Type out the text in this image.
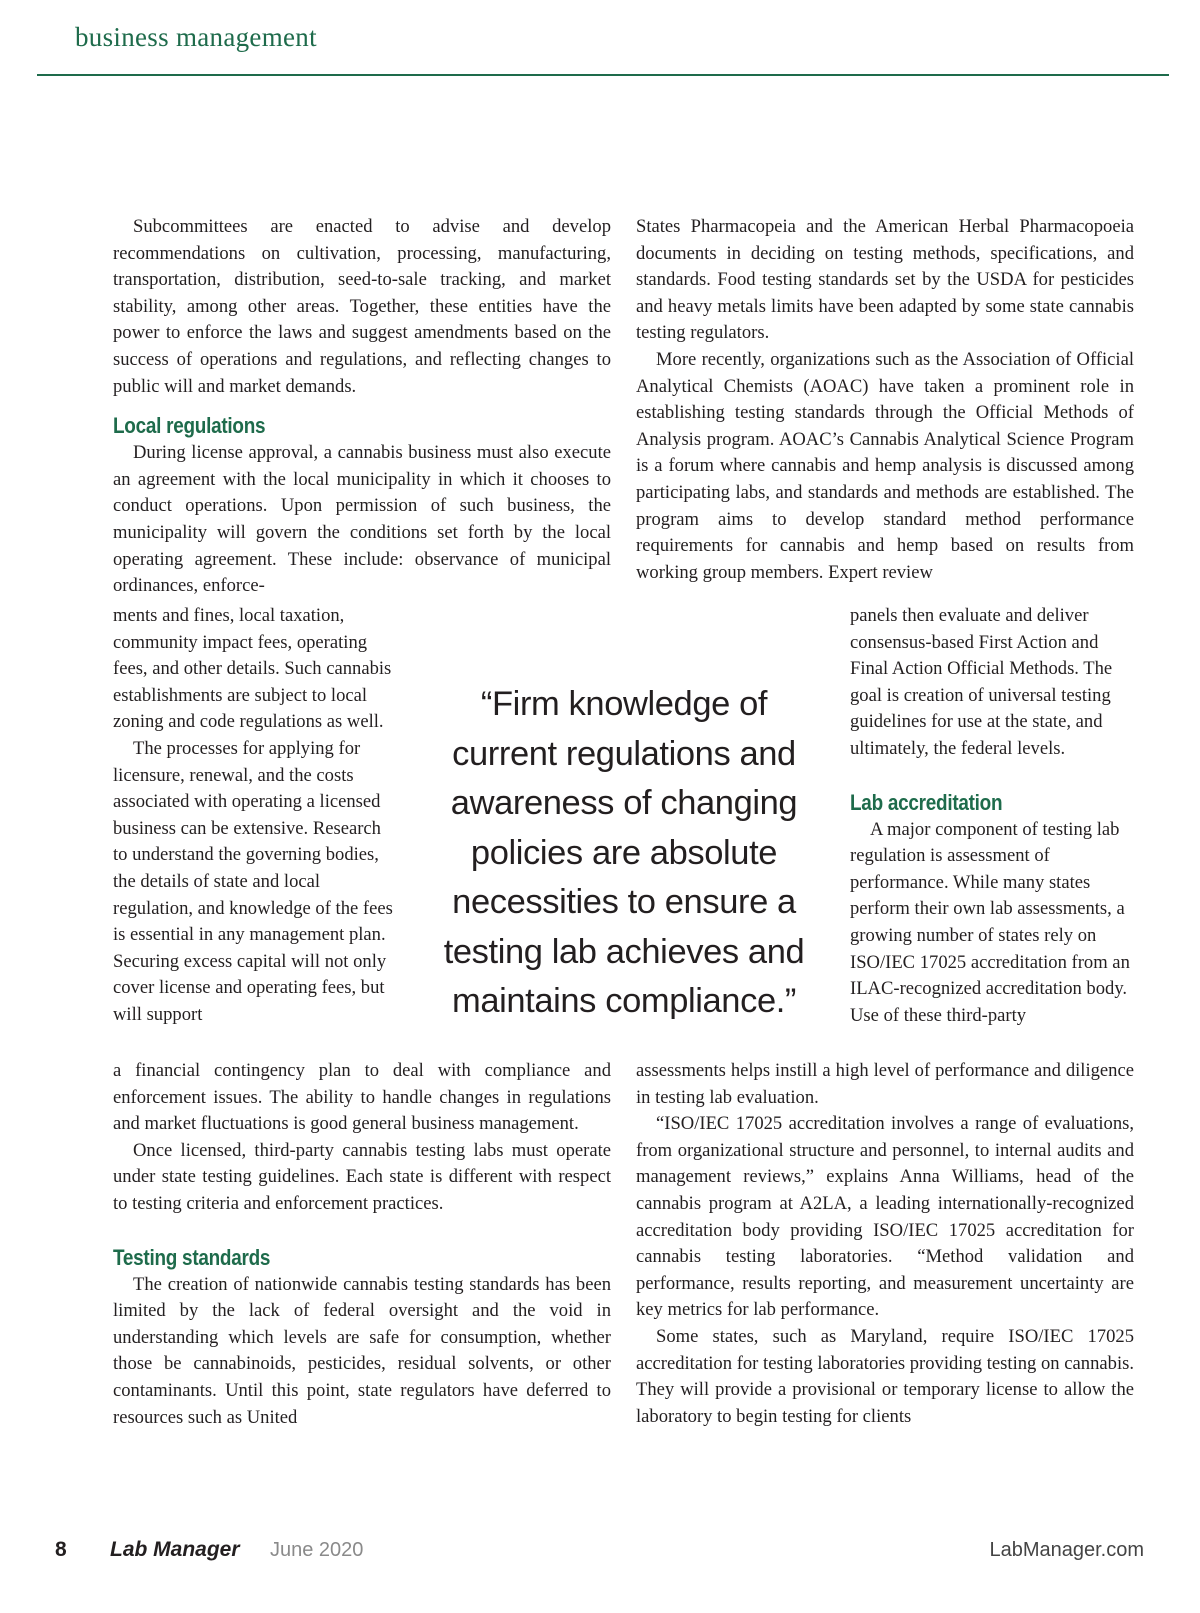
business management

Subcommittees are enacted to advise and develop recommendations on cultivation, processing, manufacturing, transportation, distribution, seed-to-sale tracking, and market stability, among other areas. Together, these entities have the power to enforce the laws and suggest amendments based on the success of operations and regulations, and reflecting changes to public will and market demands.

Local regulations

During license approval, a cannabis business must also execute an agreement with the local municipality in which it chooses to conduct operations. Upon permission of such business, the municipality will govern the conditions set forth by the local operating agreement. These include: observance of municipal ordinances, enforce-

ments and fines, local taxation, community impact fees, operating fees, and other details. Such cannabis establishments are subject to local zoning and code regulations as well.

The processes for applying for licensure, renewal, and the costs associated with operating a licensed business can be extensive. Research to understand the governing bodies, the details of state and local regulation, and knowledge of the fees is essential in any management plan. Securing excess capital will not only cover license and operating fees, but will support

a financial contingency plan to deal with compliance and enforcement issues. The ability to handle changes in regulations and market fluctuations is good general business management.

Once licensed, third-party cannabis testing labs must operate under state testing guidelines. Each state is different with respect to testing criteria and enforcement practices.

Testing standards

The creation of nationwide cannabis testing standards has been limited by the lack of federal oversight and the void in understanding which levels are safe for consumption, whether those be cannabinoids, pesticides, residual solvents, or other contaminants. Until this point, state regulators have deferred to resources such as United

States Pharmacopeia and the American Herbal Pharmacopoeia documents in deciding on testing methods, specifications, and standards. Food testing standards set by the USDA for pesticides and heavy metals limits have been adapted by some state cannabis testing regulators.

More recently, organizations such as the Association of Official Analytical Chemists (AOAC) have taken a prominent role in establishing testing standards through the Official Methods of Analysis program. AOAC’s Cannabis Analytical Science Program is a forum where cannabis and hemp analysis is discussed among participating labs, and standards and methods are established. The program aims to develop standard method performance requirements for cannabis and hemp based on results from working group members. Expert review

panels then evaluate and deliver consensus-based First Action and Final Action Official Methods. The goal is creation of universal testing guidelines for use at the state, and ultimately, the federal levels.

Lab accreditation

A major component of testing lab regulation is assessment of performance. While many states perform their own lab assessments, a growing number of states rely on ISO/IEC 17025 accreditation from an ILAC-recognized accreditation body. Use of these third-party

assessments helps instill a high level of performance and diligence in testing lab evaluation.

“ISO/IEC 17025 accreditation involves a range of evaluations, from organizational structure and personnel, to internal audits and management reviews,” explains Anna Williams, head of the cannabis program at A2LA, a leading internationally-recognized accreditation body providing ISO/IEC 17025 accreditation for cannabis testing laboratories. “Method validation and performance, results reporting, and measurement uncertainty are key metrics for lab performance.

Some states, such as Maryland, require ISO/IEC 17025 accreditation for testing laboratories providing testing on cannabis. They will provide a provisional or temporary license to allow the laboratory to begin testing for clients

“Firm knowledge of current regulations and awareness of changing policies are absolute necessities to ensure a testing lab achieves and maintains compliance.”
8 Lab Manager June 2020	LabManager.com
